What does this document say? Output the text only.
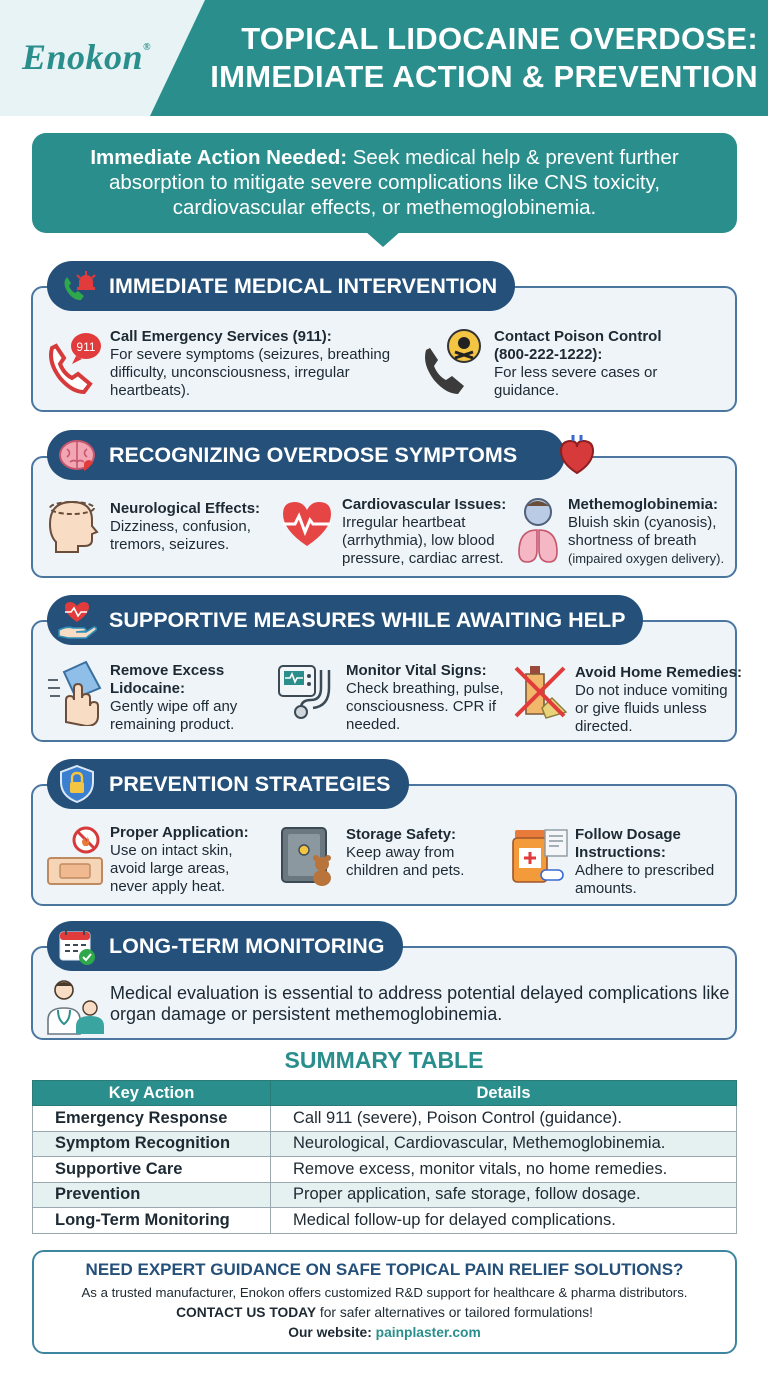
Enokon®	TOPICAL LIDOCAINE OVERDOSE:
IMMEDIATE ACTION & PREVENTION
Immediate Action Needed: Seek medical help & prevent further absorption to mitigate severe complications like CNS toxicity, cardiovascular effects, or methemoglobinemia.
IMMEDIATE MEDICAL INTERVENTION
911
Call Emergency Services (911):
For severe symptoms (seizures, breathing difficulty, unconsciousness, irregular heartbeats).
Contact Poison Control (800-222-1222):
For less severe cases or guidance.
RECOGNIZING OVERDOSE SYMPTOMS
Neurological Effects:
Dizziness, confusion, tremors, seizures.
Cardiovascular Issues:
Irregular heartbeat (arrhythmia), low blood pressure, cardiac arrest.
Methemoglobinemia:
Bluish skin (cyanosis), shortness of breath
(impaired oxygen delivery).
SUPPORTIVE MEASURES WHILE AWAITING HELP
Remove Excess Lidocaine:
Gently wipe off any remaining product.
Monitor Vital Signs:
Check breathing, pulse, consciousness. CPR if needed.
Avoid Home Remedies:
Do not induce vomiting or give fluids unless directed.
PREVENTION STRATEGIES
Proper Application:
Use on intact skin, avoid large areas, never apply heat.
Storage Safety:
Keep away from children and pets.
Follow Dosage Instructions:
Adhere to prescribed amounts.
LONG-TERM MONITORING
Medical evaluation is essential to address potential delayed complications like organ damage or persistent methemoglobinemia.
SUMMARY TABLE
Key Action	Details
Emergency Response	Call 911 (severe), Poison Control (guidance).
Symptom Recognition	Neurological, Cardiovascular, Methemoglobinemia.
Supportive Care	Remove excess, monitor vitals, no home remedies.
Prevention	Proper application, safe storage, follow dosage.
Long-Term Monitoring	Medical follow-up for delayed complications.
NEED EXPERT GUIDANCE ON SAFE TOPICAL PAIN RELIEF SOLUTIONS?
As a trusted manufacturer, Enokon offers customized R&D support for healthcare & pharma distributors.
CONTACT US TODAY for safer alternatives or tailored formulations!
Our website: painplaster.com
